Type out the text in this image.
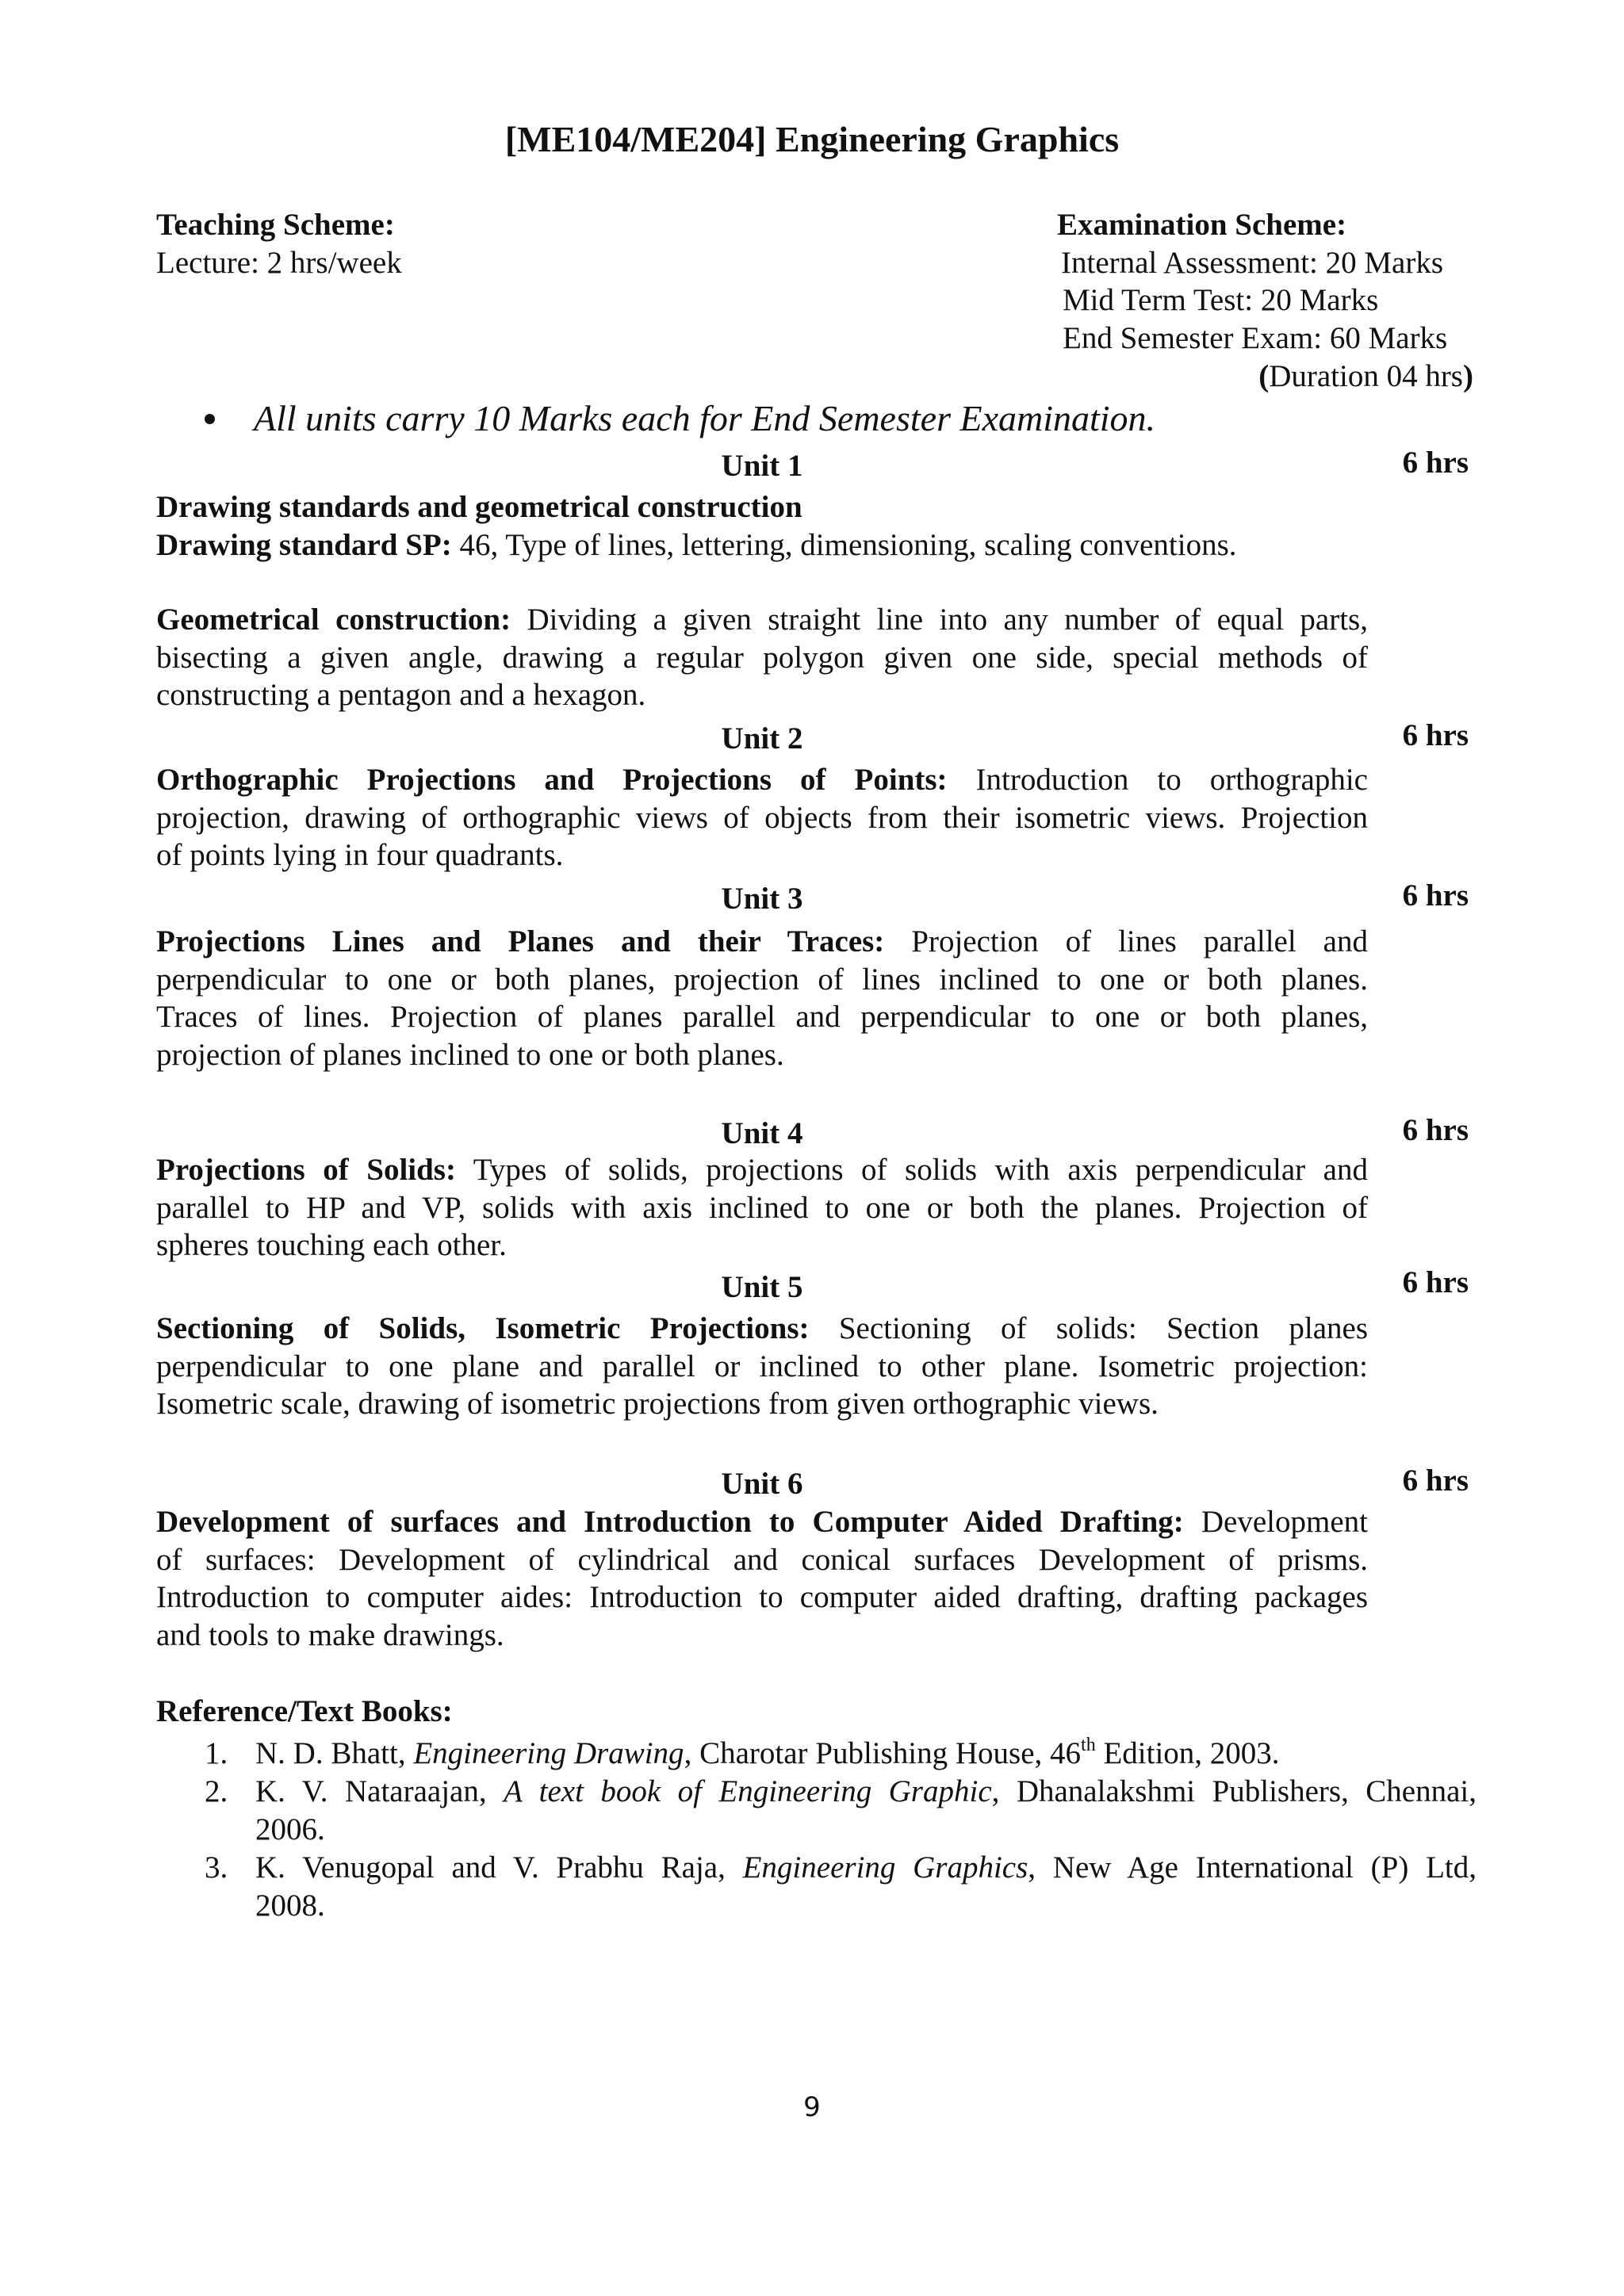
[ME104/ME204] Engineering Graphics
Teaching Scheme:
Lecture: 2 hrs/week
Examination Scheme:
Internal Assessment: 20 Marks
Mid Term Test: 20 Marks
End Semester Exam: 60 Marks
(Duration 04 hrs)
All units carry 10 Marks each for End Semester Examination.
Unit 1	6 hrs
Drawing standards and geometrical construction
Drawing standard SP: 46, Type of lines, lettering, dimensioning, scaling conventions.
Geometrical construction: Dividing a given straight line into any number of equal parts,
bisecting a given angle, drawing a regular polygon given one side, special methods of
constructing a pentagon and a hexagon.
Unit 2	6 hrs
Orthographic Projections and Projections of Points: Introduction to orthographic
projection, drawing of orthographic views of objects from their isometric views. Projection
of points lying in four quadrants.
Unit 3	6 hrs
Projections Lines and Planes and their Traces: Projection of lines parallel and
perpendicular to one or both planes, projection of lines inclined to one or both planes.
Traces of lines. Projection of planes parallel and perpendicular to one or both planes,
projection of planes inclined to one or both planes.
Unit 4	6 hrs
Projections of Solids: Types of solids, projections of solids with axis perpendicular and
parallel to HP and VP, solids with axis inclined to one or both the planes. Projection of
spheres touching each other.
Unit 5	6 hrs
Sectioning of Solids, Isometric Projections: Sectioning of solids: Section planes
perpendicular to one plane and parallel or inclined to other plane. Isometric projection:
Isometric scale, drawing of isometric projections from given orthographic views.
Unit 6	6 hrs
Development of surfaces and Introduction to Computer Aided Drafting: Development
of surfaces: Development of cylindrical and conical surfaces Development of prisms.
Introduction to computer aides: Introduction to computer aided drafting, drafting packages
and tools to make drawings.
Reference/Text Books:
1. N. D. Bhatt, Engineering Drawing, Charotar Publishing House, 46th Edition, 2003.
2. K. V. Nataraajan, A text book of Engineering Graphic, Dhanalakshmi Publishers, Chennai,
2006.
3. K. Venugopal and V. Prabhu Raja, Engineering Graphics, New Age International (P) Ltd,
2008.
9
